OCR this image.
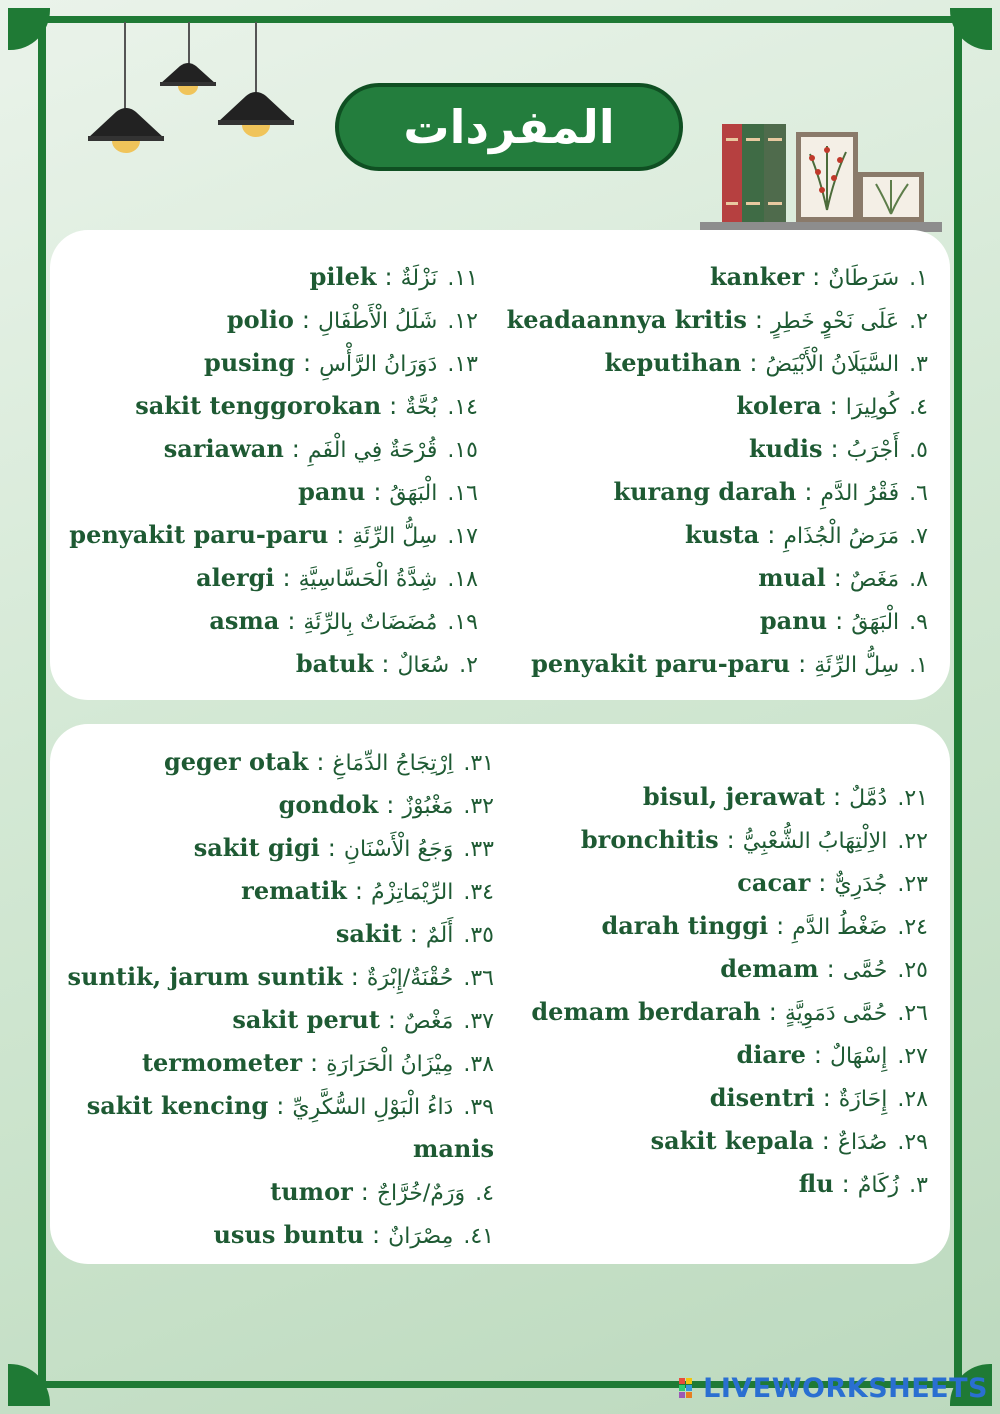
المفردات
١.سَرَطَانٌ:kanker
٢.عَلَى نَحْوٍ خَطِرٍ:keadaannya kritis
٣.السَّيَلَانُ الْأَبْيَضُ:keputihan
٤.كُولِيرَا:kolera
٥.أَجْرَبُ:kudis
٦.فَقْرُ الدَّمِ:kurang darah
٧.مَرَضُ الْجُذَامِ:kusta
٨.مَغَصٌ:mual
٩.الْبَهَقُ:panu
١.سِلُّ الرِّئَةِ:penyakit paru-paru
١١.نَزْلَةٌ:pilek
١٢.شَلَلُ الْأَطْفَالِ:polio
١٣.دَوَرَانُ الرَّأْسِ:pusing
١٤.بُحَّةٌ:sakit tenggorokan
١٥.قُرْحَةٌ فِي الْفَمِ:sariawan
١٦.الْبَهَقُ:panu
١٧.سِلُّ الرِّئَةِ:penyakit paru-paru
١٨.شِدَّةُ الْحَسَّاسِيَّةِ:alergi
١٩.مُضَضَاتٌ بِالرِّئَةِ:asma
٢.سُعَالٌ:batuk
٢١.دُمَّلٌ:bisul, jerawat
٢٢.الاِلْتِهَابُ الشُّعْبِيُّ:bronchitis
٢٣.جُدَرِيٌّ:cacar
٢٤.ضَغْطُ الدَّمِ:darah tinggi
٢٥.حُمَّى:demam
٢٦.حُمَّى دَمَوِيَّةٍ:demam berdarah
٢٧.إِسْهَالٌ:diare
٢٨.إِحَازَةٌ:disentri
٢٩.صُدَاعٌ:sakit kepala
٣.زُكَامٌ:flu
٣١.اِرْتِجَاجُ الدِّمَاغِ:geger otak
٣٢.مَغْبُوْزٌ:gondok
٣٣.وَجَعُ الْأَسْنَانِ:sakit gigi
٣٤.الرِّيْمَاتِزْمُ:rematik
٣٥.أَلَمٌ:sakit
٣٦.حُقْنَةٌ/إِبْرَةٌ:suntik, jarum suntik
٣٧.مَغْصٌ:sakit perut
٣٨.مِيْزَانُ الْحَرَارَةِ:termometer
٣٩.دَاءُ الْبَوْلِ السُّكَّرِيِّ:sakit kencing
manis
٤.وَرَمٌ/خُرَّاجٌ:tumor
٤١.مِصْرَانٌ:usus buntu
LIVEWORKSHEETS
